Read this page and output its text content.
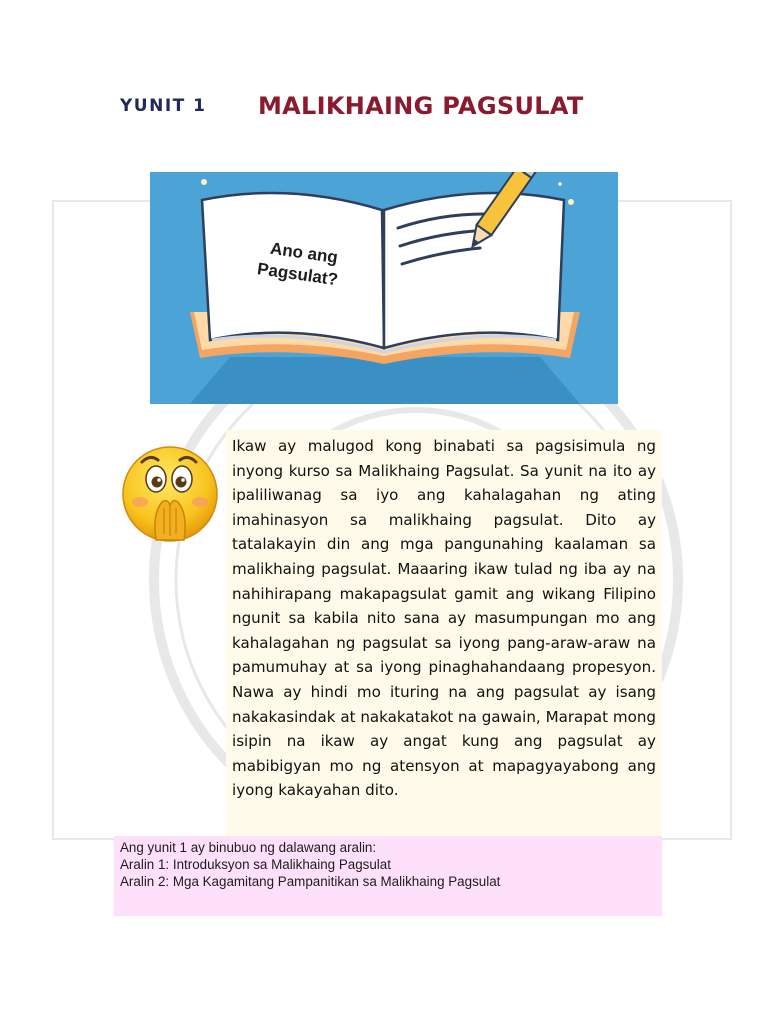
YUNIT 1 MALIKHAING PAGSULAT
Ano ang
Pagsulat?

Ikaw ay malugod kong binabati sa pagsisimula ng inyong kurso sa Malikhaing Pagsulat. Sa yunit na ito ay ipaliliwanag sa iyo ang kahalagahan ng ating imahinasyon sa malikhaing pagsulat. Dito ay tatalakayin din ang mga pangunahing kaalaman sa malikhaing pagsulat. Maaaring ikaw tulad ng iba ay na nahihirapang makapagsulat gamit ang wikang Filipino ngunit sa kabila nito sana ay masumpungan mo ang kahalagahan ng pagsulat sa iyong pang-araw-araw na pamumuhay at sa iyong pinaghahandaang propesyon. Nawa ay hindi mo ituring na ang pagsulat ay isang nakakasindak at nakakatakot na gawain, Marapat mong isipin na ikaw ay angat kung ang pagsulat ay mabibigyan mo ng atensyon at mapagyayabong ang iyong kakayahan dito.

Ang yunit 1 ay binubuo ng dalawang aralin:
Aralin 1: Introduksyon sa Malikhaing Pagsulat
Aralin 2: Mga Kagamitang Pampanitikan sa Malikhaing Pagsulat
